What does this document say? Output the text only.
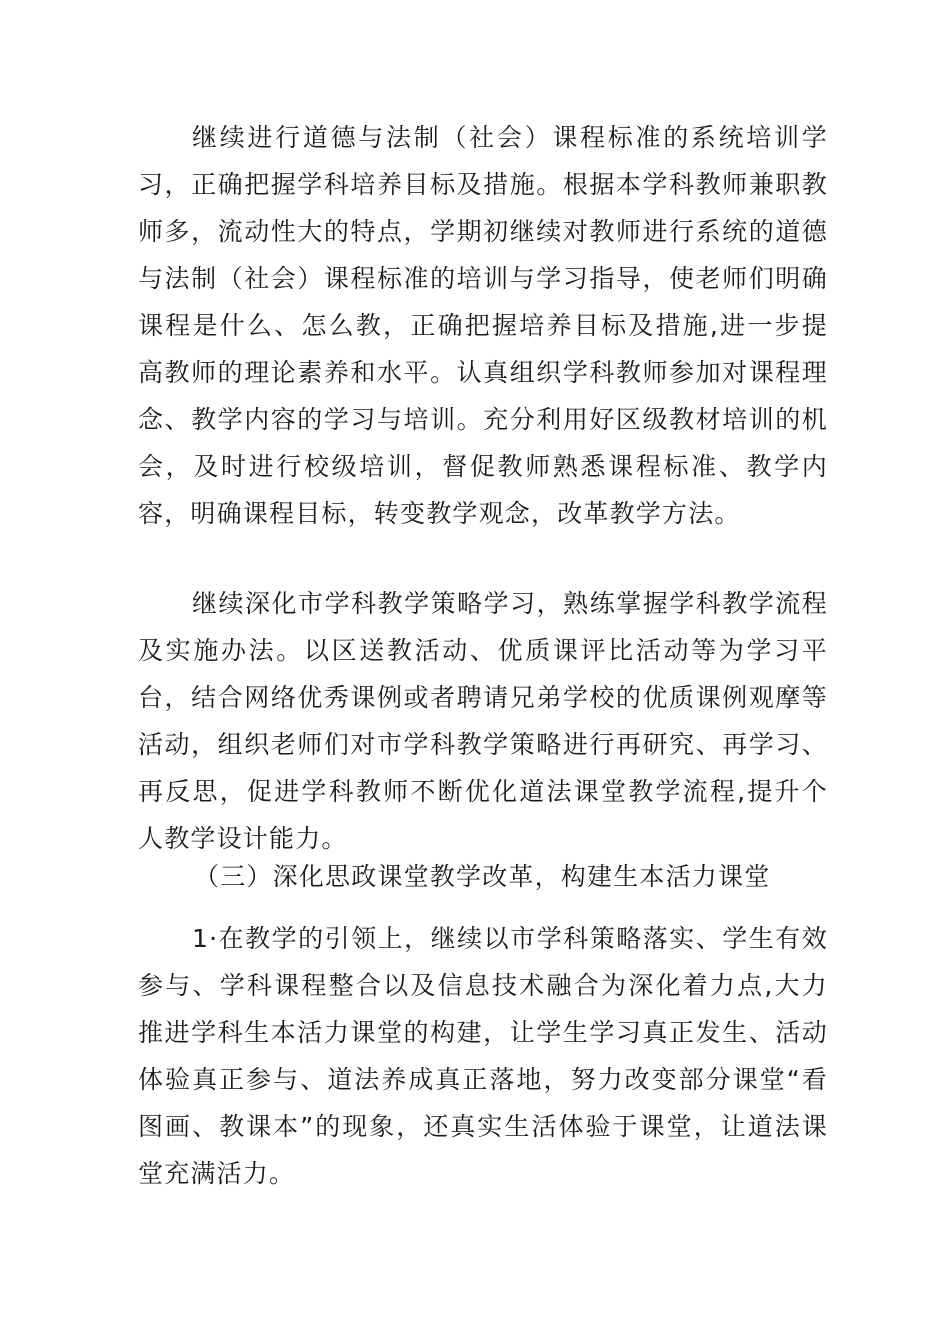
继续进行道德与法制（社会）课程标准的系统培训学习，正确把握学科培养目标及措施。根据本学科教师兼职教师多，流动性大的特点，学期初继续对教师进行系统的道德与法制（社会）课程标准的培训与学习指导，使老师们明确课程是什么、怎么教，正确把握培养目标及措施,进一步提高教师的理论素养和水平。认真组织学科教师参加对课程理念、教学内容的学习与培训。充分利用好区级教材培训的机会，及时进行校级培训，督促教师熟悉课程标准、教学内容，明确课程目标，转变教学观念，改革教学方法。

继续深化市学科教学策略学习，熟练掌握学科教学流程及实施办法。以区送教活动、优质课评比活动等为学习平台，结合网络优秀课例或者聘请兄弟学校的优质课例观摩等活动，组织老师们对市学科教学策略进行再研究、再学习、再反思，促进学科教师不断优化道法课堂教学流程,提升个人教学设计能力。

（三）深化思政课堂教学改革，构建生本活力课堂

1·在教学的引领上，继续以市学科策略落实、学生有效参与、学科课程整合以及信息技术融合为深化着力点,大力推进学科生本活力课堂的构建，让学生学习真正发生、活动体验真正参与、道法养成真正落地，努力改变部分课堂“看图画、教课本”的现象，还真实生活体验于课堂，让道法课堂充满活力。
